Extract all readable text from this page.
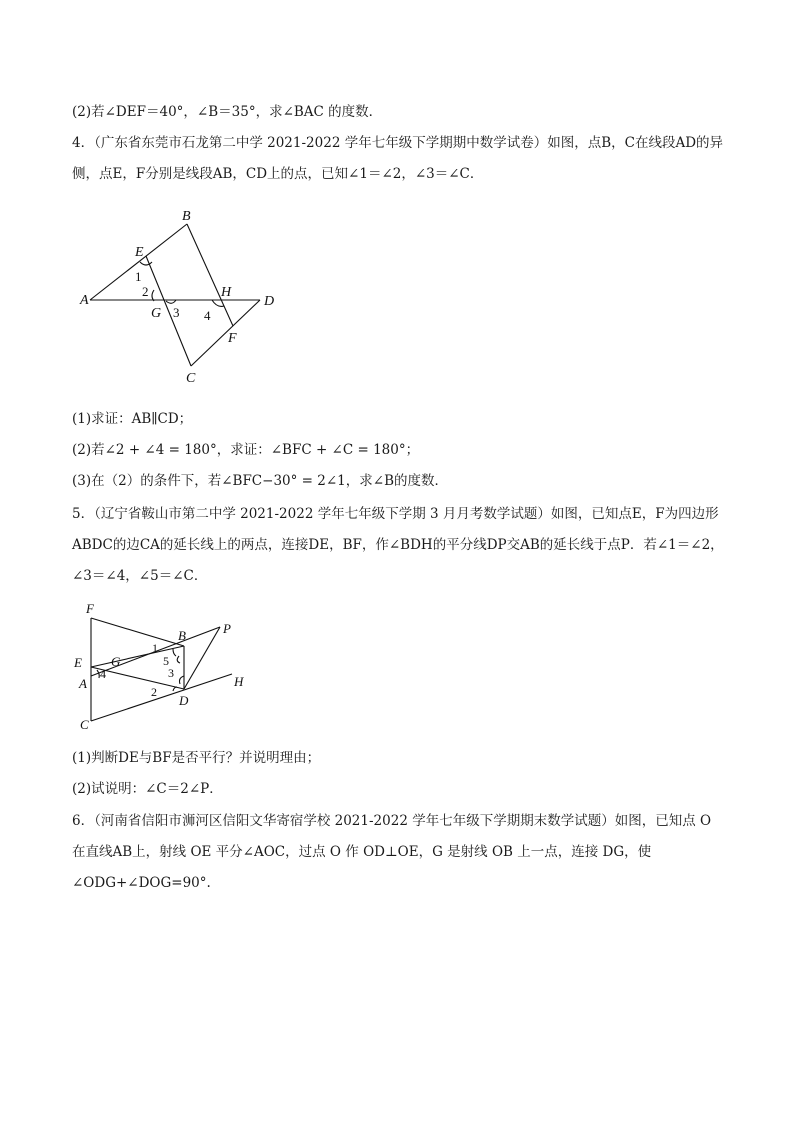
(2)若∠DEF＝40°，∠B＝35°，求∠BAC 的度数．
4．（广东省东莞市石龙第二中学 2021-2022 学年七年级下学期期中数学试卷）如图，点B，C在线段AD的异
侧，点E，F分别是线段AB，CD上的点，已知∠1＝∠2，∠3＝∠C．
B
E
1
2
A
G 3 4
H
D
F
C
(1)求证：AB∥CD；
(2)若∠2 + ∠4 = 180°，求证：∠BFC + ∠C = 180°；
(3)在（2）的条件下，若∠BFC−30° = 2∠1，求∠B的度数．
5．（辽宁省鞍山市第二中学 2021-2022 学年七年级下学期 3 月月考数学试题）如图，已知点E，F为四边形
ABDC的边CA的延长线上的两点，连接DE，BF，作∠BDH的平分线DP交AB的延长线于点P．若∠1＝∠2，
∠3＝∠4，∠5＝∠C．
F
B	P
1
5
E G
A
4	3
2
D
H
C
(1)判断DE与BF是否平行？并说明理由；
(2)试说明：∠C＝2∠P．
6．（河南省信阳市浉河区信阳文华寄宿学校 2021-2022 学年七年级下学期期末数学试题）如图，已知点 O
在直线AB上，射线 OE 平分∠AOC，过点 O 作 OD⊥OE，G 是射线 OB 上一点，连接 DG，使
∠ODG+∠DOG=90°.
